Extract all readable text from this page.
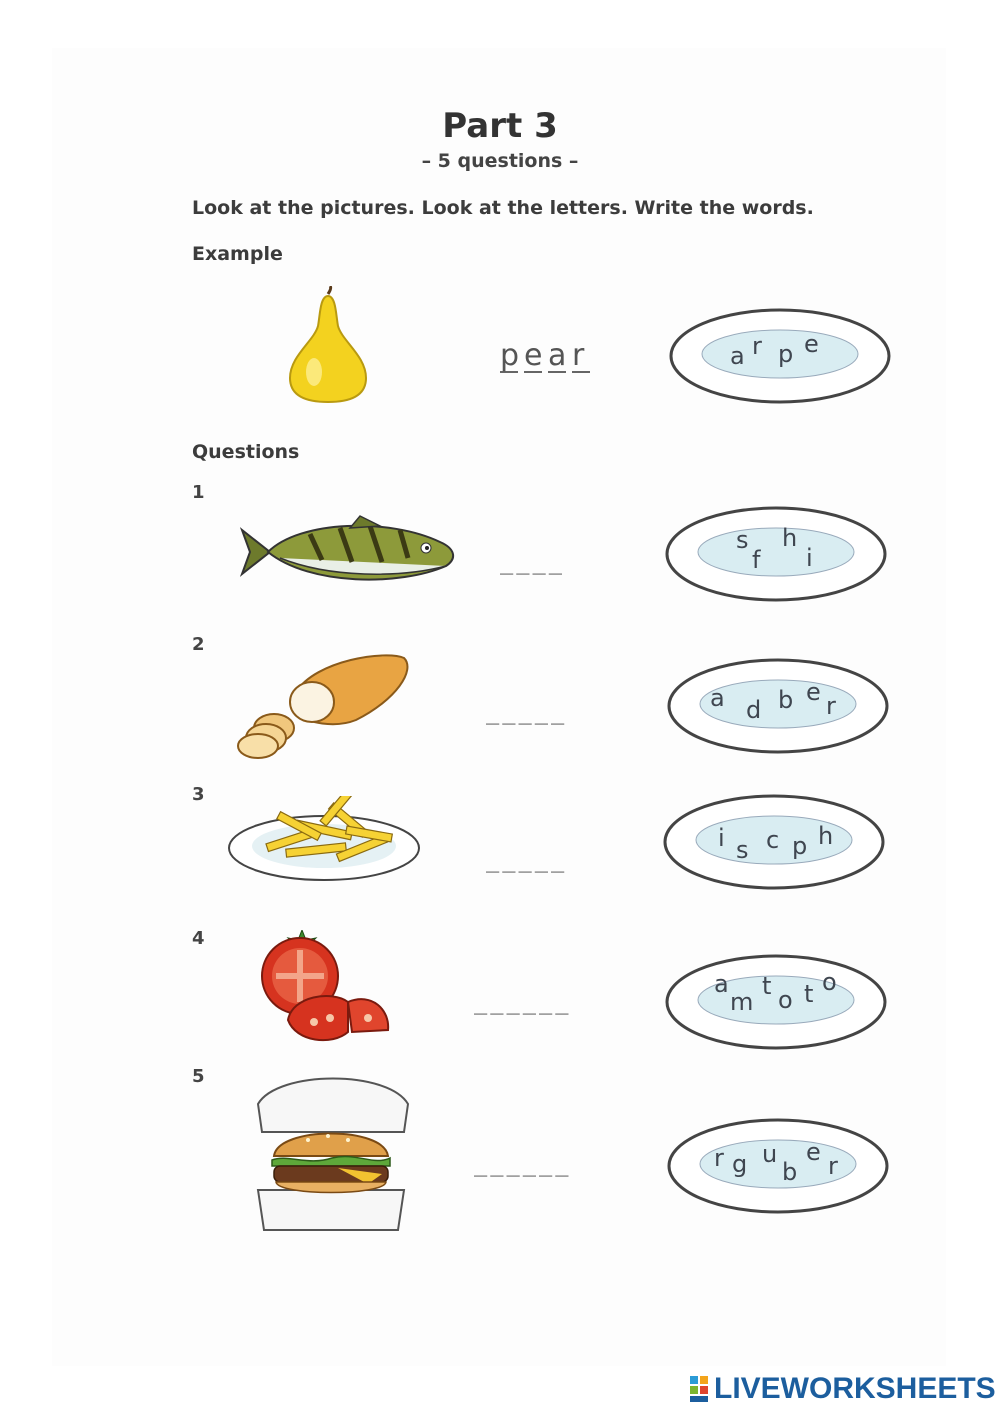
Part 3
– 5 questions –
Look at the pictures. Look at the letters. Write the words.
Example
pear	a r p e
Questions
1
____
s
f
h
i
2
_____
a d b e r
3
_____
i s c p h
4
______
a
m
t o t o
5
______	r g u
b
e r
LIVEWORKSHEETS
